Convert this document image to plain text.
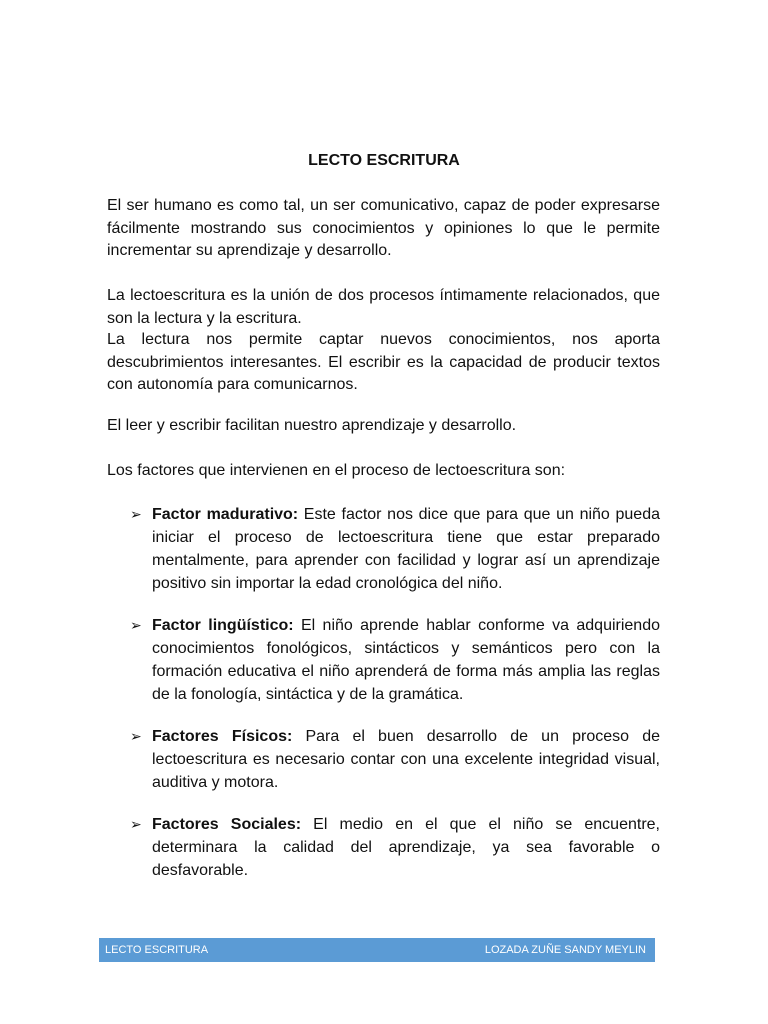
LECTO ESCRITURA

El ser humano es como tal, un ser comunicativo, capaz de poder expresarse fácilmente mostrando sus conocimientos y opiniones lo que le permite incrementar su aprendizaje y desarrollo.

La lectoescritura es la unión de dos procesos íntimamente relacionados, que son la lectura y la escritura.

La lectura nos permite captar nuevos conocimientos, nos aporta descubrimientos interesantes. El escribir es la capacidad de producir textos con autonomía para comunicarnos.

El leer y escribir facilitan nuestro aprendizaje y desarrollo.

Los factores que intervienen en el proceso de lectoescritura son:

➢ Factor madurativo: Este factor nos dice que para que un niño pueda iniciar el proceso de lectoescritura tiene que estar preparado mentalmente, para aprender con facilidad y lograr así un aprendizaje positivo sin importar la edad cronológica del niño.
➢ Factor lingüístico: El niño aprende hablar conforme va adquiriendo conocimientos fonológicos, sintácticos y semánticos pero con la formación educativa el niño aprenderá de forma más amplia las reglas de la fonología, sintáctica y de la gramática.
➢ Factores Físicos: Para el buen desarrollo de un proceso de lectoescritura es necesario contar con una excelente integridad visual, auditiva y motora.
➢ Factores Sociales: El medio en el que el niño se encuentre, determinara la calidad del aprendizaje, ya sea favorable o desfavorable.
LECTO ESCRITURA	LOZADA ZUÑE SANDY MEYLIN
